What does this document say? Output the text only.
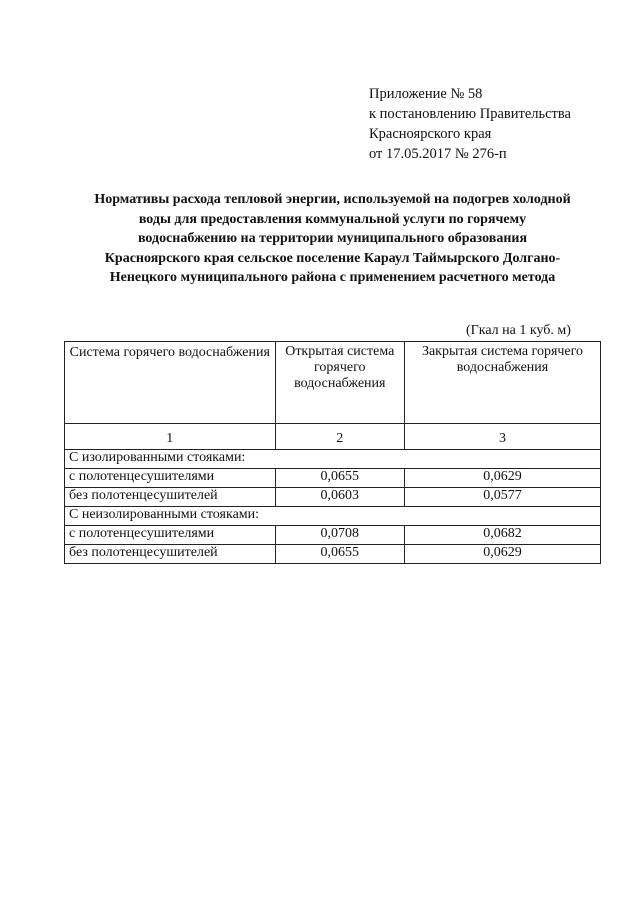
Приложение № 58
к постановлению Правительства
Красноярского края
от 17.05.2017 № 276-п
Нормативы расхода тепловой энергии, используемой на подогрев холодной
воды для предоставления коммунальной услуги по горячему
водоснабжению на территории муниципального образования
Красноярского края сельское поселение Караул Таймырского Долгано-
Ненецкого муниципального района с применением расчетного метода
(Гкал на 1 куб. м)
Система горячего водоснабжения	Открытая система горячего водоснабжения	Закрытая система горячего водоснабжения
1	2	3
С изолированными стояками:		
с полотенцесушителями	0,0655	0,0629
без полотенцесушителей	0,0603	0,0577
С неизолированными стояками:		
с полотенцесушителями	0,0708	0,0682
без полотенцесушителей	0,0655	0,0629
